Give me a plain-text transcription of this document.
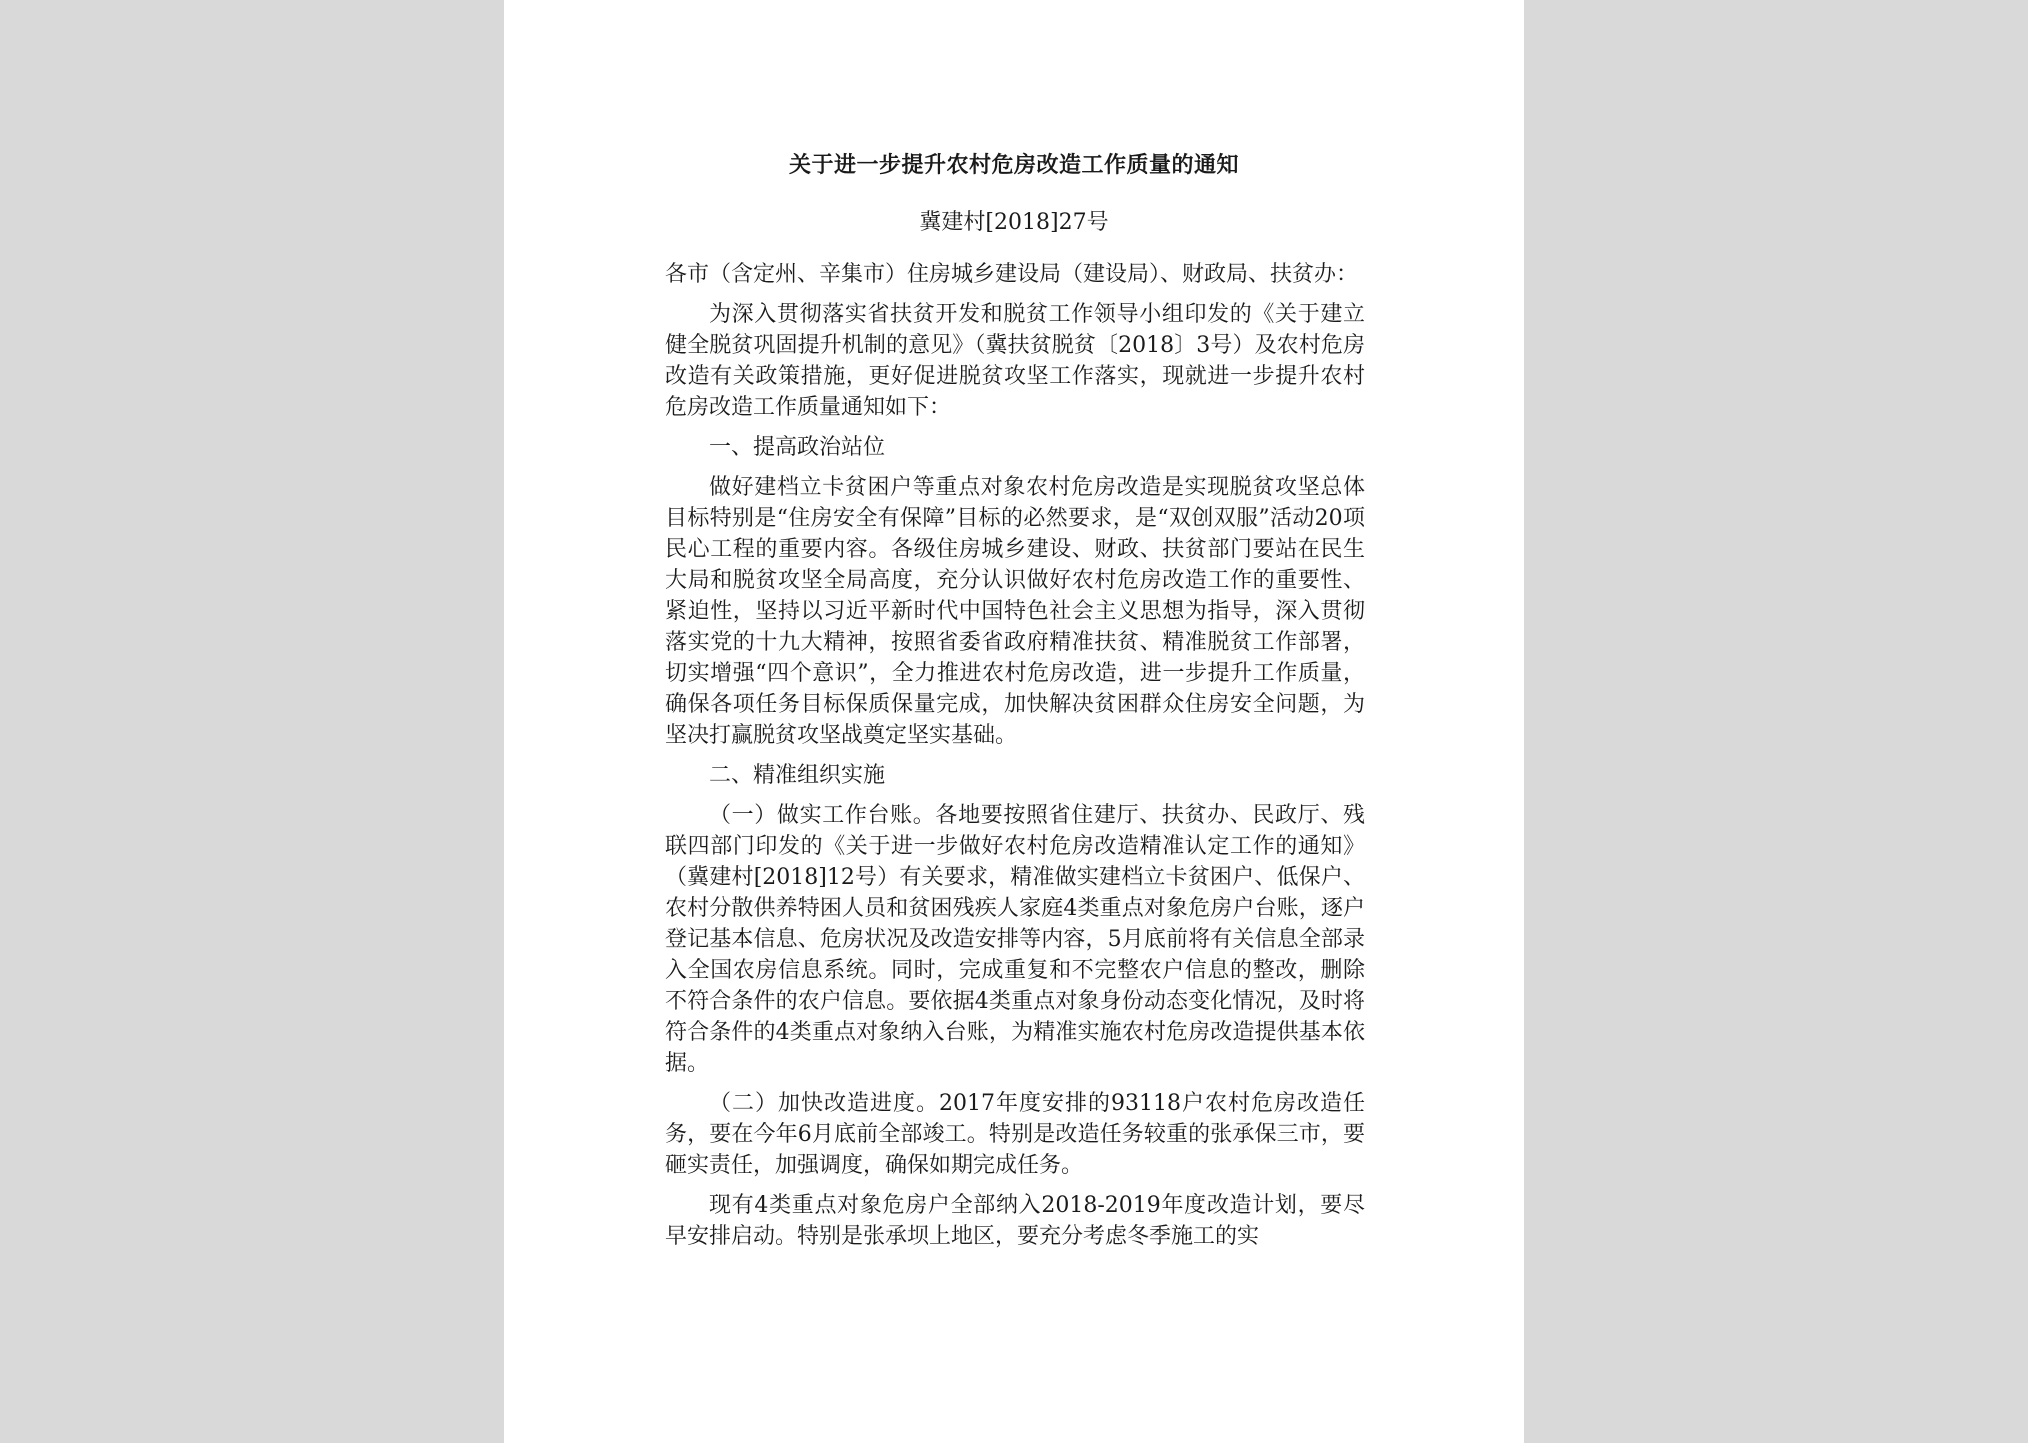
关于进一步提升农村危房改造工作质量的通知
冀建村[2018]27号

各市（含定州、辛集市）住房城乡建设局（建设局）、财政局、扶贫办：

为深入贯彻落实省扶贫开发和脱贫工作领导小组印发的《关于建立健全脱贫巩固提升机制的意见》（冀扶贫脱贫〔2018〕3号）及农村危房改造有关政策措施，更好促进脱贫攻坚工作落实，现就进一步提升农村危房改造工作质量通知如下：

一、提高政治站位

做好建档立卡贫困户等重点对象农村危房改造是实现脱贫攻坚总体目标特别是“住房安全有保障”目标的必然要求，是“双创双服”活动20项民心工程的重要内容。各级住房城乡建设、财政、扶贫部门要站在民生大局和脱贫攻坚全局高度，充分认识做好农村危房改造工作的重要性、紧迫性，坚持以习近平新时代中国特色社会主义思想为指导，深入贯彻落实党的十九大精神，按照省委省政府精准扶贫、精准脱贫工作部署，切实增强“四个意识”，全力推进农村危房改造，进一步提升工作质量，确保各项任务目标保质保量完成，加快解决贫困群众住房安全问题，为坚决打赢脱贫攻坚战奠定坚实基础。

二、精准组织实施

（一）做实工作台账。各地要按照省住建厅、扶贫办、民政厅、残联四部门印发的《关于进一步做好农村危房改造精准认定工作的通知》（冀建村[2018]12号）有关要求，精准做实建档立卡贫困户、低保户、农村分散供养特困人员和贫困残疾人家庭4类重点对象危房户台账，逐户登记基本信息、危房状况及改造安排等内容，5月底前将有关信息全部录入全国农房信息系统。同时，完成重复和不完整农户信息的整改，删除不符合条件的农户信息。要依据4类重点对象身份动态变化情况，及时将符合条件的4类重点对象纳入台账，为精准实施农村危房改造提供基本依据。

（二）加快改造进度。2017年度安排的93118户农村危房改造任务，要在今年6月底前全部竣工。特别是改造任务较重的张承保三市，要砸实责任，加强调度，确保如期完成任务。

现有4类重点对象危房户全部纳入2018-2019年度改造计划，要尽早安排启动。特别是张承坝上地区，要充分考虑冬季施工的实
